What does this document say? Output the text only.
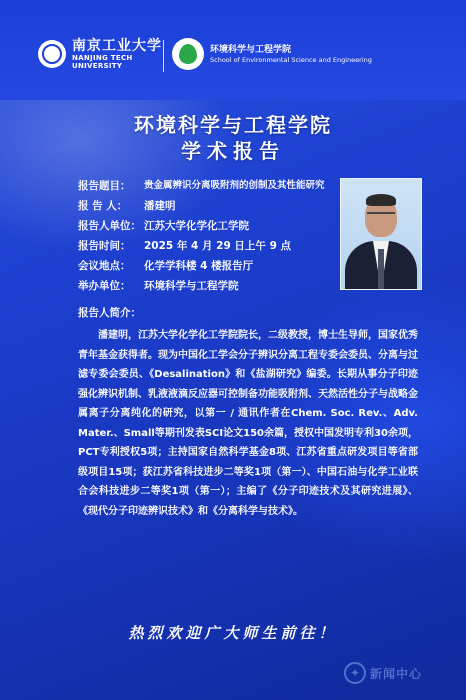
南京工业大学
NANJING TECH UNIVERSITY
环境科学与工程学院
School of Environmental Science and Engineering
环境科学与工程学院
学术报告
报告题目：	贵金属辨识分离吸附剂的创制及其性能研究
报 告 人：	潘建明
报告人单位： 江苏大学化学化工学院
报告时间：	2025 年 4 月 29 日上午 9 点
会议地点：	化学学科楼 4 楼报告厅
举办单位：	环境科学与工程学院
报告人简介：
潘建明，江苏大学化学化工学院院长，二级教授，博士生导师，国家优秀青年基金获得者。现为中国化工学会分子辨识分离工程专委会委员、分离与过滤专委会委员、《Desalination》和《盐湖研究》编委。长期从事分子印迹强化辨识机制、乳液液滴反应器可控制备功能吸附剂、天然活性分子与战略金属离子分离纯化的研究，以第一 / 通讯作者在Chem. Soc. Rev.、Adv. Mater.、Small等期刊发表SCI论文150余篇，授权中国发明专利30余项，PCT专利授权5项；主持国家自然科学基金8项、江苏省重点研发项目等省部级项目15项；获江苏省科技进步二等奖1项（第一）、中国石油与化学工业联合会科技进步二等奖1项（第一）；主编了《分子印迹技术及其研究进展》、《现代分子印迹辨识技术》和《分离科学与技术》。
热烈欢迎广大师生前往！
✦ 新闻中心
